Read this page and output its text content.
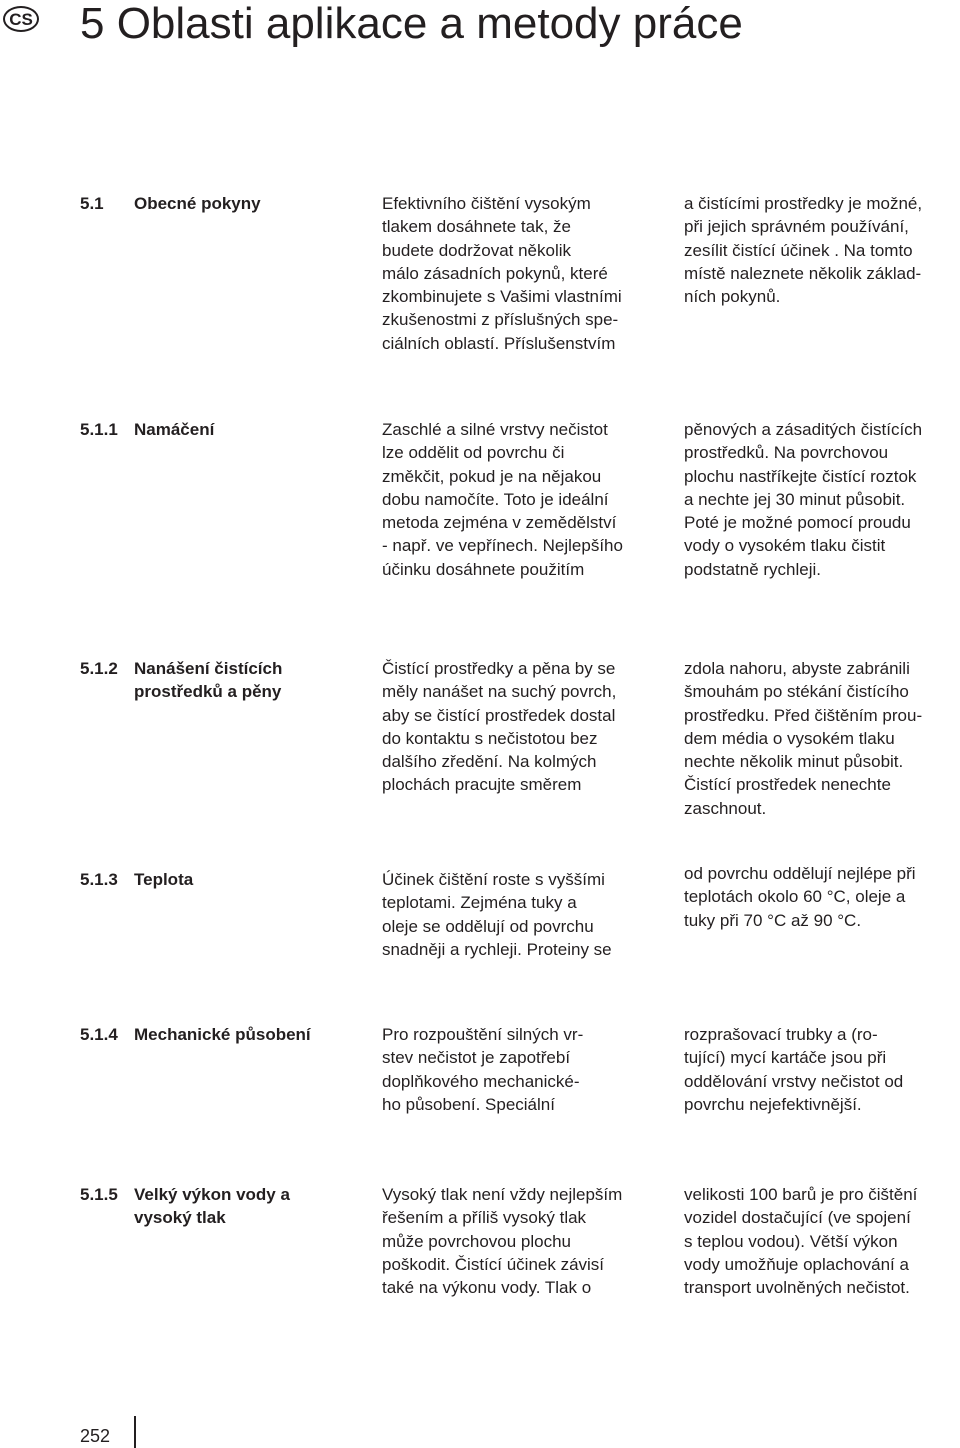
CS 5 Oblasti aplikace a metody práce
5.1 Obecné pokyny	Efektivního čištění vysokým
tlakem dosáhnete tak, že
budete dodržovat několik
málo zásadních pokynů, které
zkombinujete s Vašimi vlastními
zkušenostmi z příslušných spe-
ciálních oblastí. Příslušenstvím
a čistícími prostředky je možné,
při jejich správném používání,
zesílit čistící účinek . Na tomto
místě naleznete několik základ-
ních pokynů.
5.1.1 Namáčení	Zaschlé a silné vrstvy nečistot
lze oddělit od povrchu či
změkčit, pokud je na nějakou
dobu namočíte. Toto je ideální
metoda zejména v zemědělství
- např. ve vepřínech. Nejlepšího
účinku dosáhnete použitím
pěnových a zásaditých čistících
prostředků. Na povrchovou
plochu nastříkejte čistící roztok
a nechte jej 30 minut působit.
Poté je možné pomocí proudu
vody o vysokém tlaku čistit
podstatně rychleji.
5.1.2 Nanášení čistících
prostředků a pěny
Čistící prostředky a pěna by se
měly nanášet na suchý povrch,
aby se čistící prostředek dostal
do kontaktu s nečistotou bez
dalšího zředění. Na kolmých
plochách pracujte směrem
zdola nahoru, abyste zabránili
šmouhám po stékání čistícího
prostředku. Před čištěním prou-
dem média o vysokém tlaku
nechte několik minut působit.
Čistící prostředek nenechte
zaschnout.
5.1.3 Teplota	Účinek čištění roste s vyššími
teplotami. Zejména tuky a
oleje se oddělují od povrchu
snadněji a rychleji. Proteiny se
od povrchu oddělují nejlépe při
teplotách okolo 60 °C, oleje a
tuky při 70 °C až 90 °C.
5.1.4 Mechanické působení	Pro rozpouštění silných vr-
stev nečistot je zapotřebí
doplňkového mechanické-
ho působení. Speciální
rozprašovací trubky a (ro-
tující) mycí kartáče jsou při
oddělování vrstvy nečistot od
povrchu nejefektivnější.
5.1.5 Velký výkon vody a
vysoký tlak
Vysoký tlak není vždy nejlepším
řešením a příliš vysoký tlak
může povrchovou plochu
poškodit. Čistící účinek závisí
také na výkonu vody. Tlak o
velikosti 100 barů je pro čištění
vozidel dostačující (ve spojení
s teplou vodou). Větší výkon
vody umožňuje oplachování a
transport uvolněných nečistot.
252
